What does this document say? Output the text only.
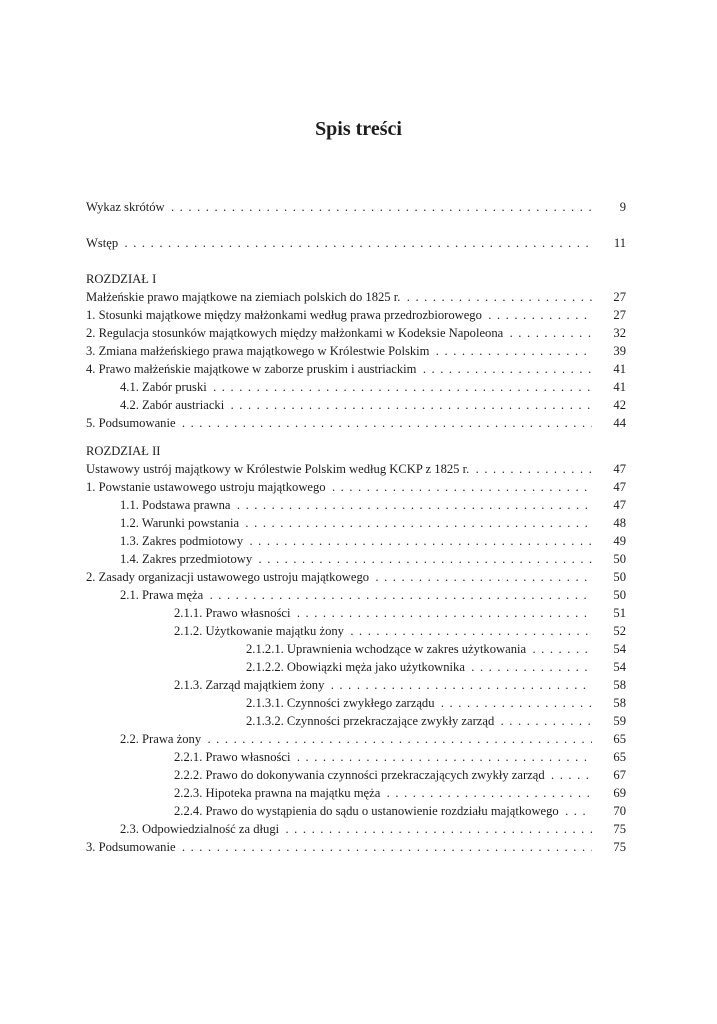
Spis treści
Wykaz skrótów . . .	9
Wstęp . . .	11
ROZDZIAŁ I
Małżeńskie prawo majątkowe na ziemiach polskich do 1825 r. . . .	27
1. Stosunki majątkowe między małżonkami według prawa przedrozbiorowego . . .	27
2. Regulacja stosunków majątkowych między małżonkami w Kodeksie Napoleona . . .	32
3. Zmiana małżeńskiego prawa majątkowego w Królestwie Polskim . . .	39
4. Prawo małżeńskie majątkowe w zaborze pruskim i austriackim . . .	41
4.1. Zabór pruski . . .	41
4.2. Zabór austriacki . . .	42
5. Podsumowanie . . .	44
ROZDZIAŁ II
Ustawowy ustrój majątkowy w Królestwie Polskim według KCKP z 1825 r. . . .	47
1. Powstanie ustawowego ustroju majątkowego . . .	47
1.1. Podstawa prawna . . .	47
1.2. Warunki powstania . . .	48
1.3. Zakres podmiotowy . . .	49
1.4. Zakres przedmiotowy . . .	50
2. Zasady organizacji ustawowego ustroju majątkowego . . .	50
2.1. Prawa męża . . .	50
2.1.1. Prawo własności . . .	51
2.1.2. Użytkowanie majątku żony . . .	52
2.1.2.1. Uprawnienia wchodzące w zakres użytkowania . . .	54
2.1.2.2. Obowiązki męża jako użytkownika . . .	54
2.1.3. Zarząd majątkiem żony . . .	58
2.1.3.1. Czynności zwykłego zarządu . . .	58
2.1.3.2. Czynności przekraczające zwykły zarząd . . .	59
2.2. Prawa żony . . .	65
2.2.1. Prawo własności . . .	65
2.2.2. Prawo do dokonywania czynności przekraczających zwykły zarząd . . .	67
2.2.3. Hipoteka prawna na majątku męża . . .	69
2.2.4. Prawo do wystąpienia do sądu o ustanowienie rozdziału majątkowego . . .	70
2.3. Odpowiedzialność za długi . . .	75
3. Podsumowanie . . .	75
